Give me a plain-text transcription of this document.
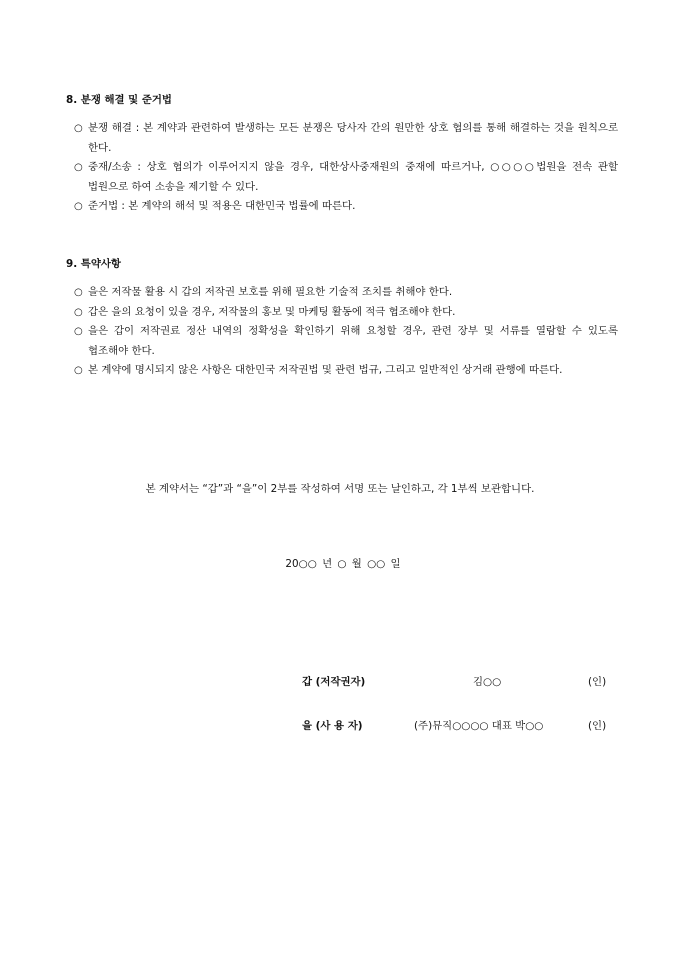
8. 분쟁 해결 및 준거법
○ 분쟁 해결 : 본 계약과 관련하여 발생하는 모든 분쟁은 당사자 간의 원만한 상호 협의를 통해 해결하는 것을 원칙으로 한다.
○ 중재/소송 : 상호 협의가 이루어지지 않을 경우, 대한상사중재원의 중재에 따르거나, ○○○○법원을 전속 관할 법원으로 하여 소송을 제기할 수 있다.
○ 준거법 : 본 계약의 해석 및 적용은 대한민국 법률에 따른다.
9. 특약사항
○ 을은 저작물 활용 시 갑의 저작권 보호를 위해 필요한 기술적 조치를 취해야 한다.
○ 갑은 을의 요청이 있을 경우, 저작물의 홍보 및 마케팅 활동에 적극 협조해야 한다.
○ 을은 갑이 저작권료 정산 내역의 정확성을 확인하기 위해 요청할 경우, 관련 장부 및 서류를 열람할 수 있도록 협조해야 한다.
○ 본 계약에 명시되지 않은 사항은 대한민국 저작권법 및 관련 법규, 그리고 일반적인 상거래 관행에 따른다.
본 계약서는 “갑”과 “을”이 2부를 작성하여 서명 또는 날인하고, 각 1부씩 보관합니다.
20○○ 년 ○ 월 ○○ 일
갑 (저작권자)	김○○	(인)
을 (사 용 자)	(주)뮤직○○○○ 대표 박○○	(인)
